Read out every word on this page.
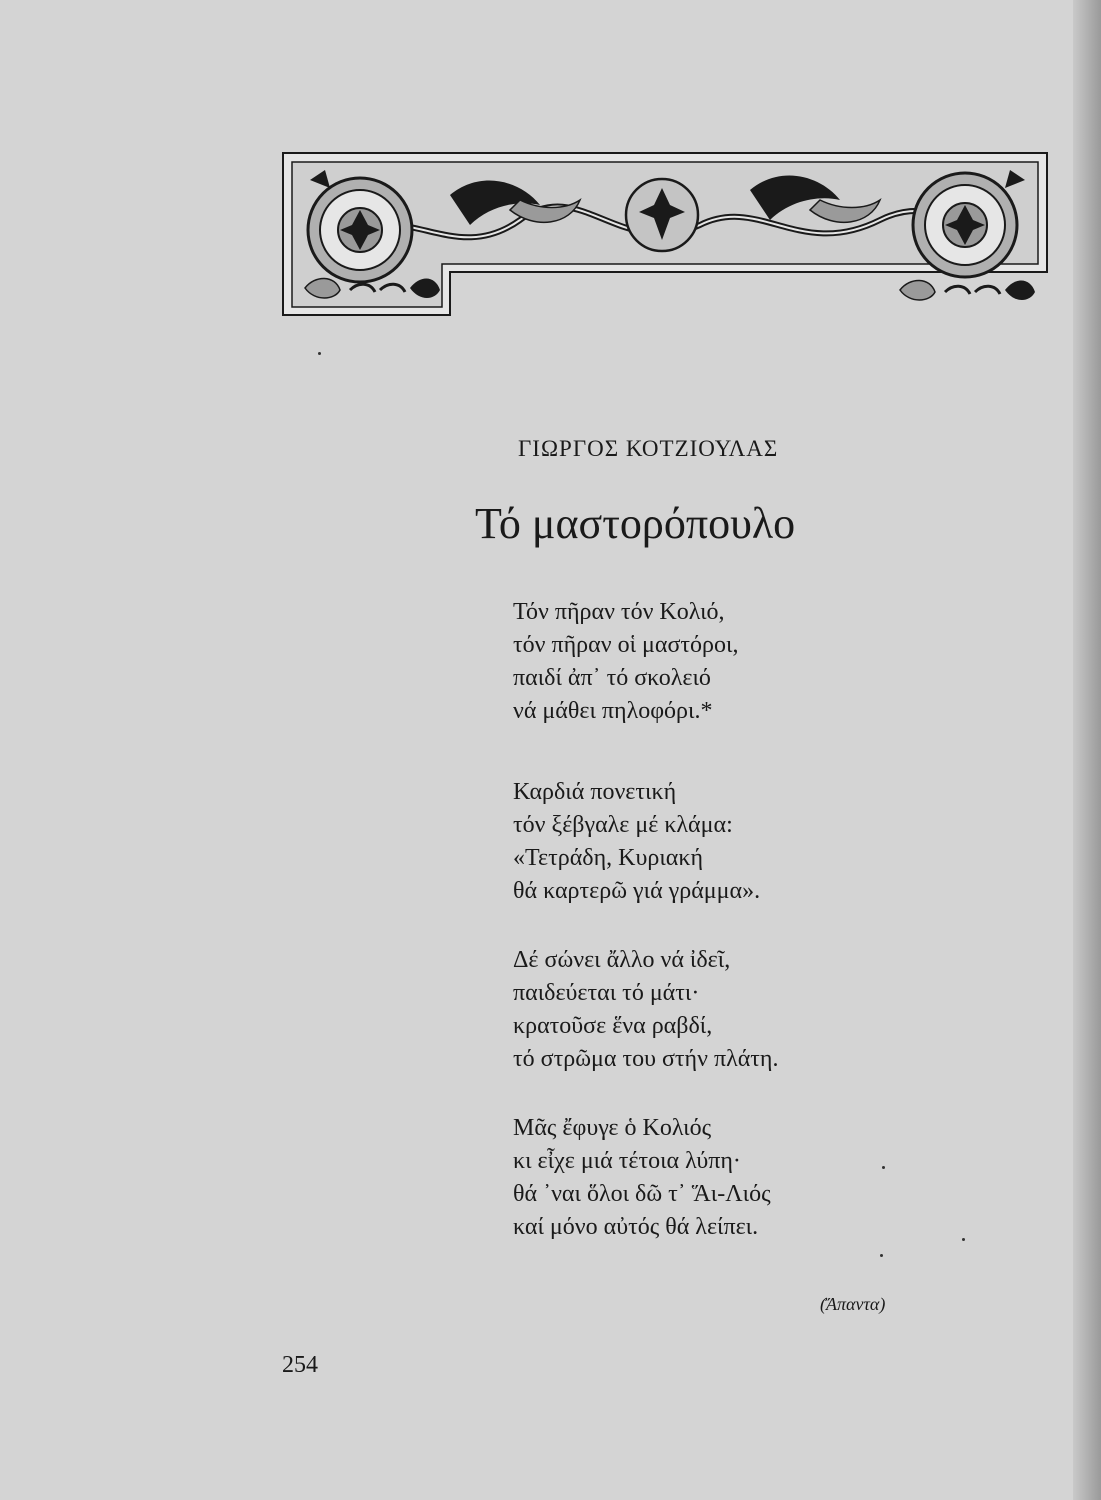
ΓΙΩΡΓΟΣ ΚΟΤΖΙΟΥΛΑΣ
Τό μαστορόπουλο
Τόν πῆραν τόν Κολιό,
τόν πῆραν οἱ μαστόροι,
παιδί ἀπ᾿ τό σκολειό
νά μάθει πηλοφόρι.*
Καρδιά πονετική
τόν ξέβγαλε μέ κλάμα:
«Τετράδη, Κυριακή
θά καρτερῶ γιά γράμμα».
Δέ σώνει ἄλλο νά ἰδεῖ,
παιδεύεται τό μάτι·
κρατοῦσε ἕνα ραβδί,
τό στρῶμα του στήν πλάτη.
Μᾶς ἔφυγε ὁ Κολιός
κι εἶχε μιά τέτοια λύπη·
θά ᾿ναι ὅλοι δῶ τ᾿ Ἅι-Λιός
καί μόνο αὐτός θά λείπει.
(Ἄπαντα)
254
